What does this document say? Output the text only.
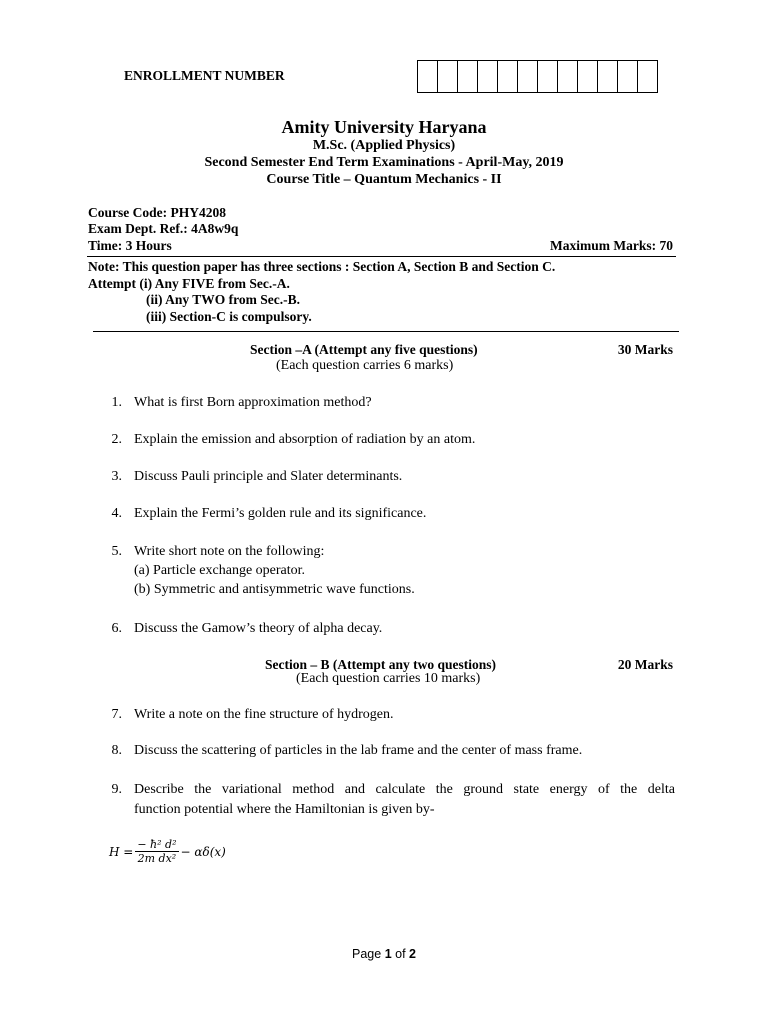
ENROLLMENT NUMBER
Amity University Haryana
M.Sc. (Applied Physics)
Second Semester End Term Examinations - April-May, 2019
Course Title – Quantum Mechanics - II
Course Code: PHY4208
Exam Dept. Ref.: 4A8w9q
Time: 3 Hours	Maximum Marks: 70
Note: This question paper has three sections : Section A, Section B and Section C.
Attempt (i) Any FIVE from Sec.-A.
(ii) Any TWO from Sec.-B.
(iii) Section-C is compulsory.
Section –A (Attempt any five questions)	30 Marks
(Each question carries 6 marks)
1. What is first Born approximation method?
2. Explain the emission and absorption of radiation by an atom.
3. Discuss Pauli principle and Slater determinants.
4. Explain the Fermi’s golden rule and its significance.
5. Write short note on the following:
(a) Particle exchange operator.
(b) Symmetric and antisymmetric wave functions.
6. Discuss the Gamow’s theory of alpha decay.
Section – B (Attempt any two questions)	20 Marks
(Each question carries 10 marks)
7. Write a note on the fine structure of hydrogen.
8. Discuss the scattering of particles in the lab frame and the center of mass frame.
9. Describe the variational method and calculate the ground state energy of the delta
function potential where the Hamiltonian is given by-
$H = \frac{\text{− ħ² d²}}{\text{2m dx²}} - \alpha\delta(x)$
Page 1 of 2
